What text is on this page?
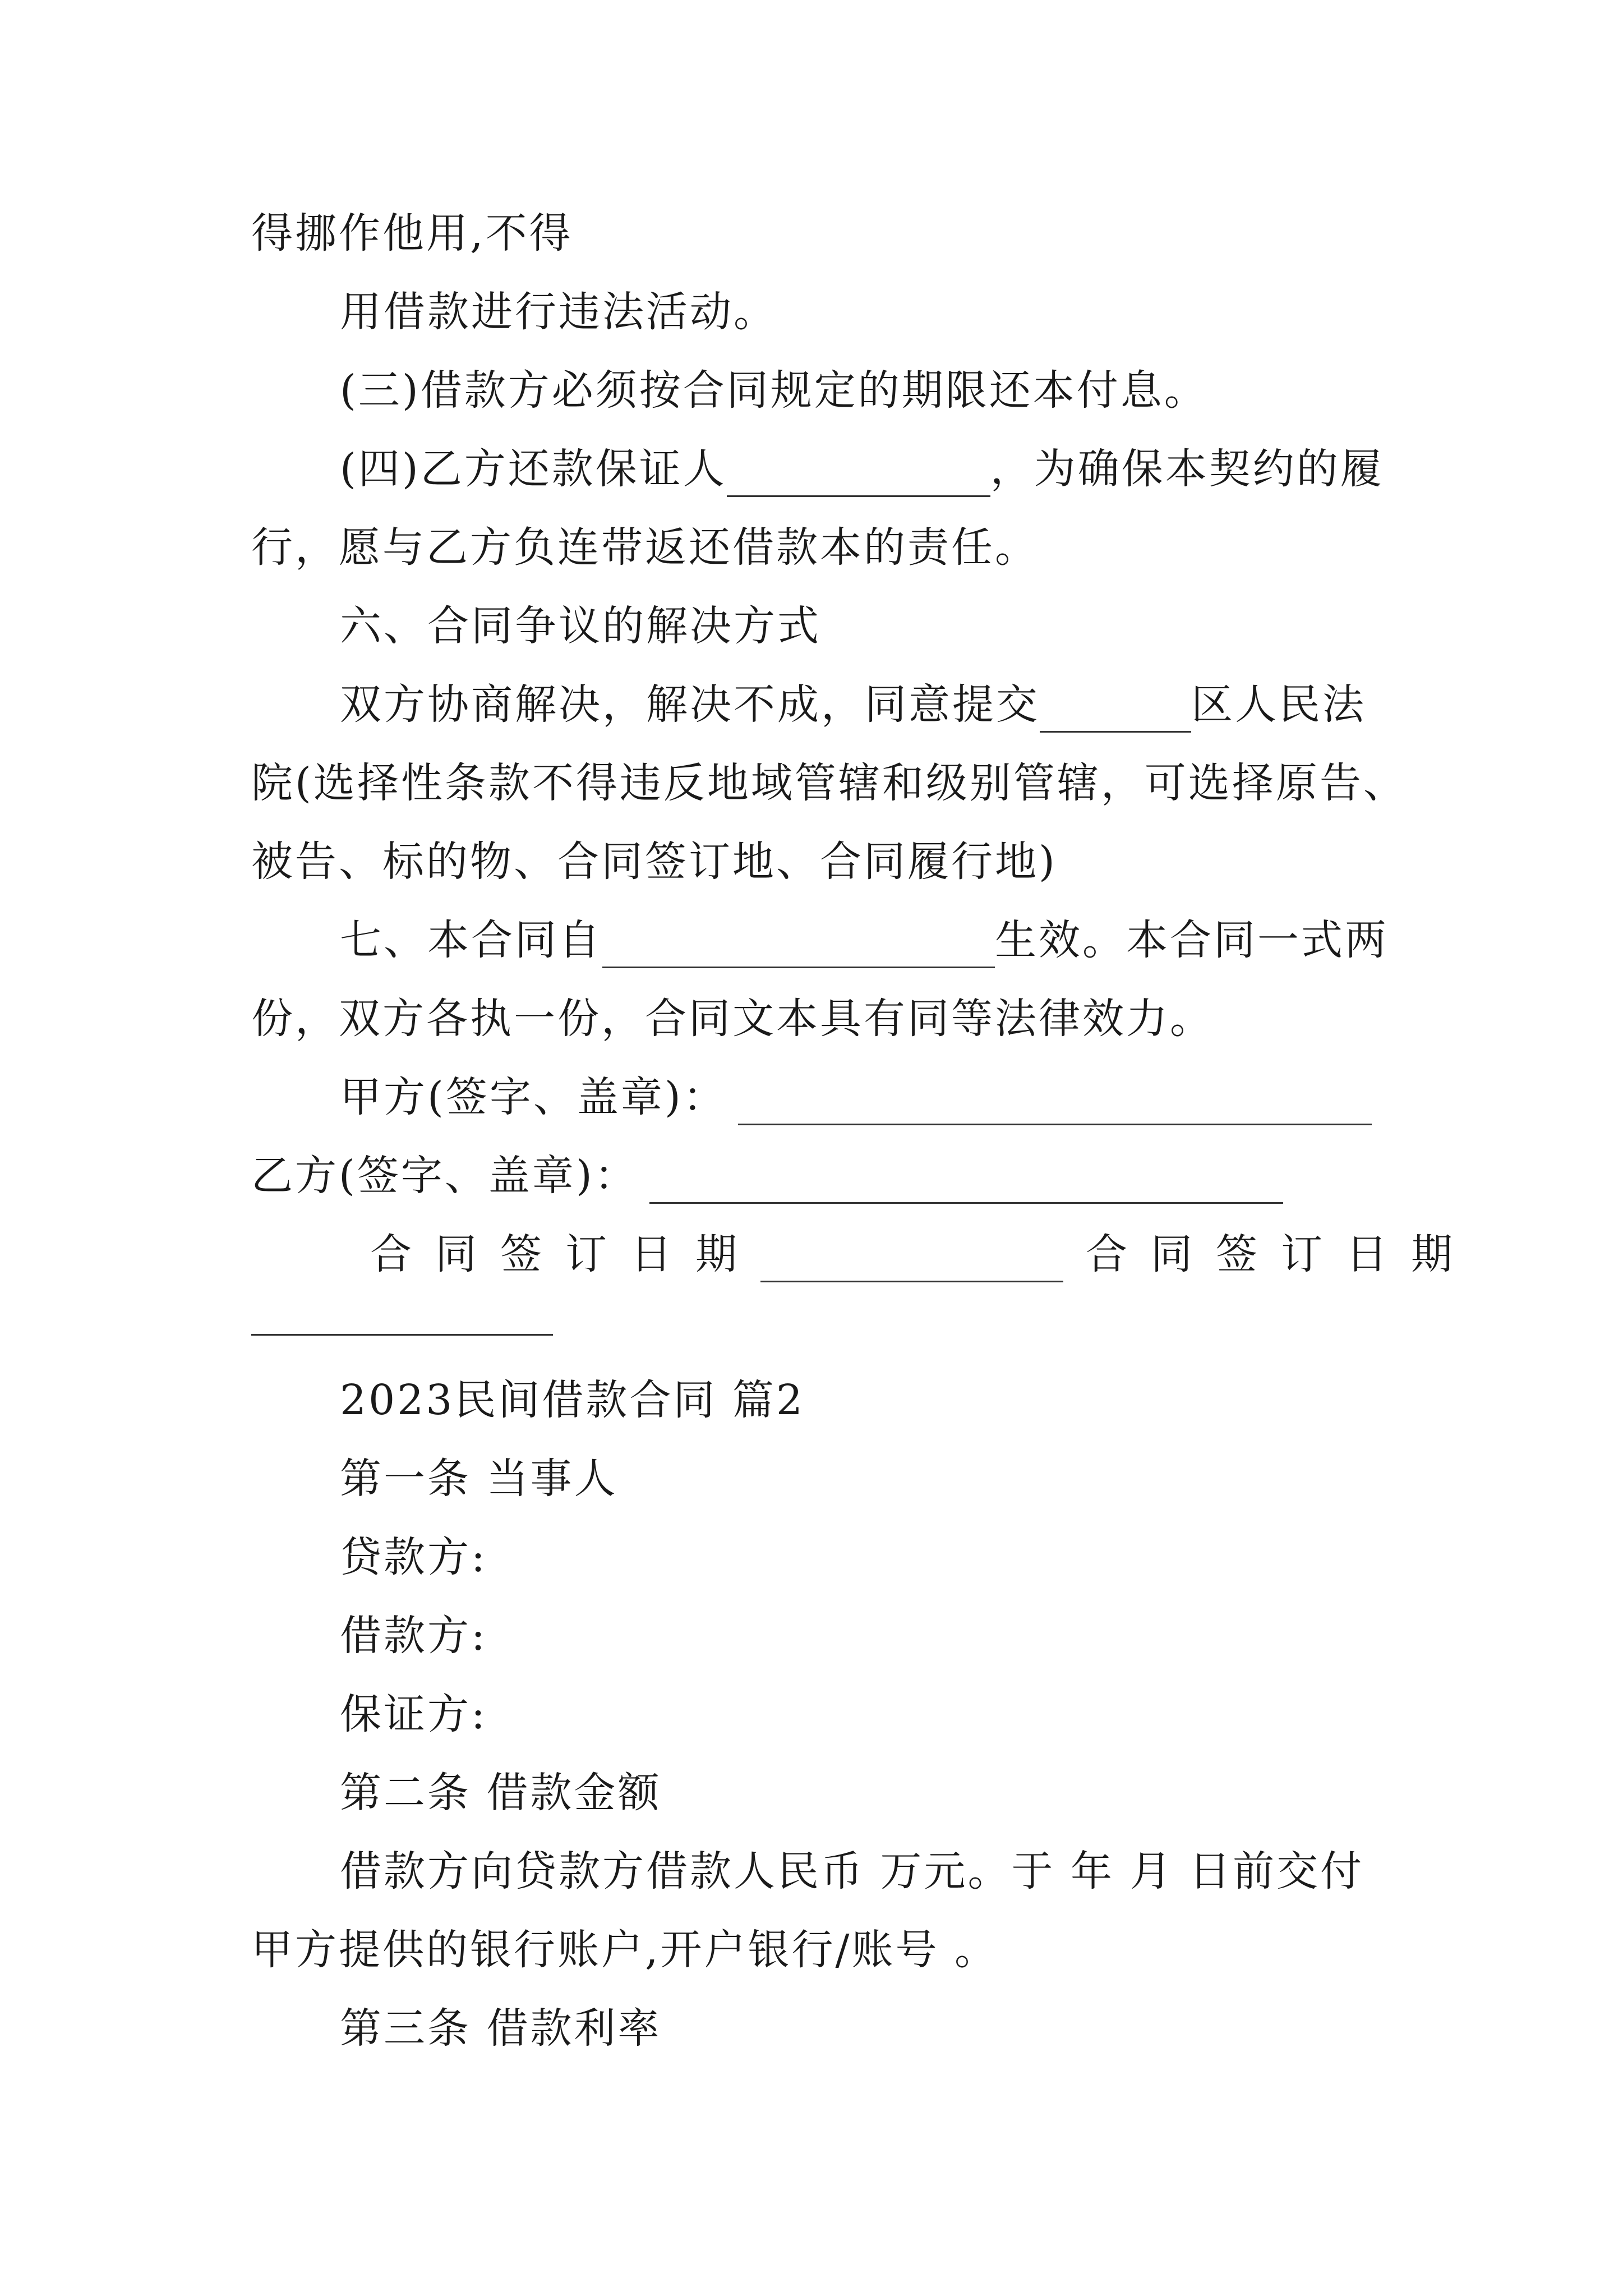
得挪作他用,不得
用借款进行违法活动。
(三)借款方必须按合同规定的期限还本付息。
(四)乙方还款保证人	，为确保本契约的履
行，愿与乙方负连带返还借款本的责任。
六、合同争议的解决方式
双方协商解决，解决不成，同意提交	区人民法
院(选择性条款不得违反地域管辖和级别管辖，可选择原告、
被告、标的物、合同签订地、合同履行地)
七、本合同自	生效。本合同一式两
份，双方各执一份，合同文本具有同等法律效力。
甲方(签字、盖章)：
乙方(签字、盖章)：
合同签订日期	合同签订日期
2023民间借款合同 篇2
第一条 当事人
贷款方:
借款方:
保证方:
第二条 借款金额
借款方向贷款方借款人民币 万元。于 年 月 日前交付
甲方提供的银行账户,开户银行/账号 。
第三条 借款利率
